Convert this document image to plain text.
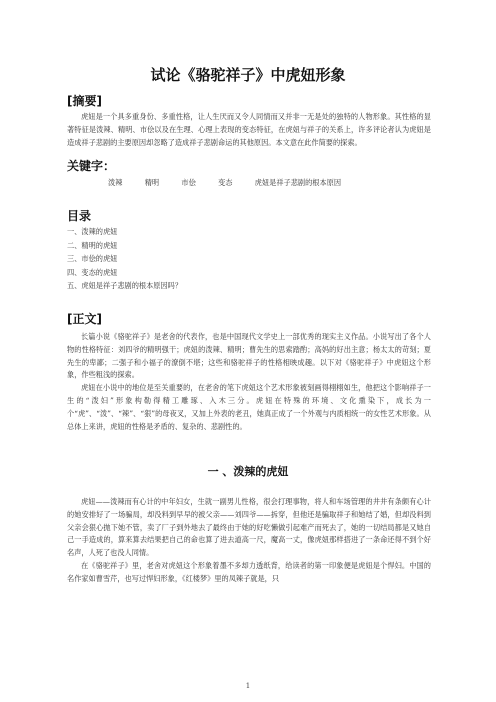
试论《骆驼祥子》中虎妞形象
[摘要]

虎妞是一个具多重身份、多重性格，让人生厌而又令人同情而又并非一无是处的独特的人物形象。其性格的显著特征是泼辣、精明、市侩以及在生理、心理上表现的变态特征，在虎妞与祥子的关系上，许多评论者认为虎妞是造成祥子悲剧的主要原因却忽略了造成祥子悲剧命运的其他原因。本文意在此作简要的探索。

关键字：
泼辣	精明	市侩	变态	虎妞是祥子悲剧的根本原因
目录
一、泼辣的虎妞
二、精明的虎妞
三、市侩的虎妞
四、变态的虎妞
五、虎妞是祥子悲剧的根本原因吗？
[正文]

长篇小说《骆驼祥子》是老舍的代表作，也是中国现代文学史上一部优秀的现实主义作品。小说写出了各个人物的性格特征：刘四爷的精明强干；虎妞的泼辣、精明；曹先生的思索踏酌；高妈的好出主意；杨太太的苛刻；夏先生的卑鄙；二强子和小福子的潦倒不堪；这些和骆驼祥子的性格相映成趣。以下对《骆驼祥子》中虎妞这个形象，作些粗浅的探索。

虎妞在小说中的地位是至关重要的，在老舍的笔下虎妞这个艺术形象被刻画得栩栩如生，他把这个影响祥子一生的“泼妇”形象构勒得精工雕琢、入木三分。虎妞在特殊的环境、文化熏染下，成长为一个“虎”、“泼”、“辣”、“狠”的母夜叉，又加上外表的老丑，她真正成了一个外观与内质相统一的女性艺术形象。从总体上来讲，虎妞的性格是矛盾的、复杂的、悲剧性的。

一 、泼辣的虎妞

虎妞——泼辣而有心计的中年妇女，生就一副男儿性格，很会打理事物，将人和车场管理的井井有条颇有心计的她安排好了一场骗局，却没料到早早的被父亲——刘四爷——拆穿，但他还是骗取祥子和她结了婚，但却没料到父亲会狠心抛下她不管，卖了厂子到外地去了最终由于她的好吃懒做引起难产而死去了，她的一切结局都是又她自己一手造成的，算来算去结果把自己的命也算了进去道高一尺，魔高一丈，像虎妞那样搭进了一条命还得不到个好名声，人死了也没人同情。

在《骆驼祥子》里，老舍对虎妞这个形象着墨不多却力透纸背，给读者的第一印象便是虎妞是个悍妇。中国的名作家如曹雪芹，也写过悍妇形象，《红楼梦》里的凤辣子就是，只

1
